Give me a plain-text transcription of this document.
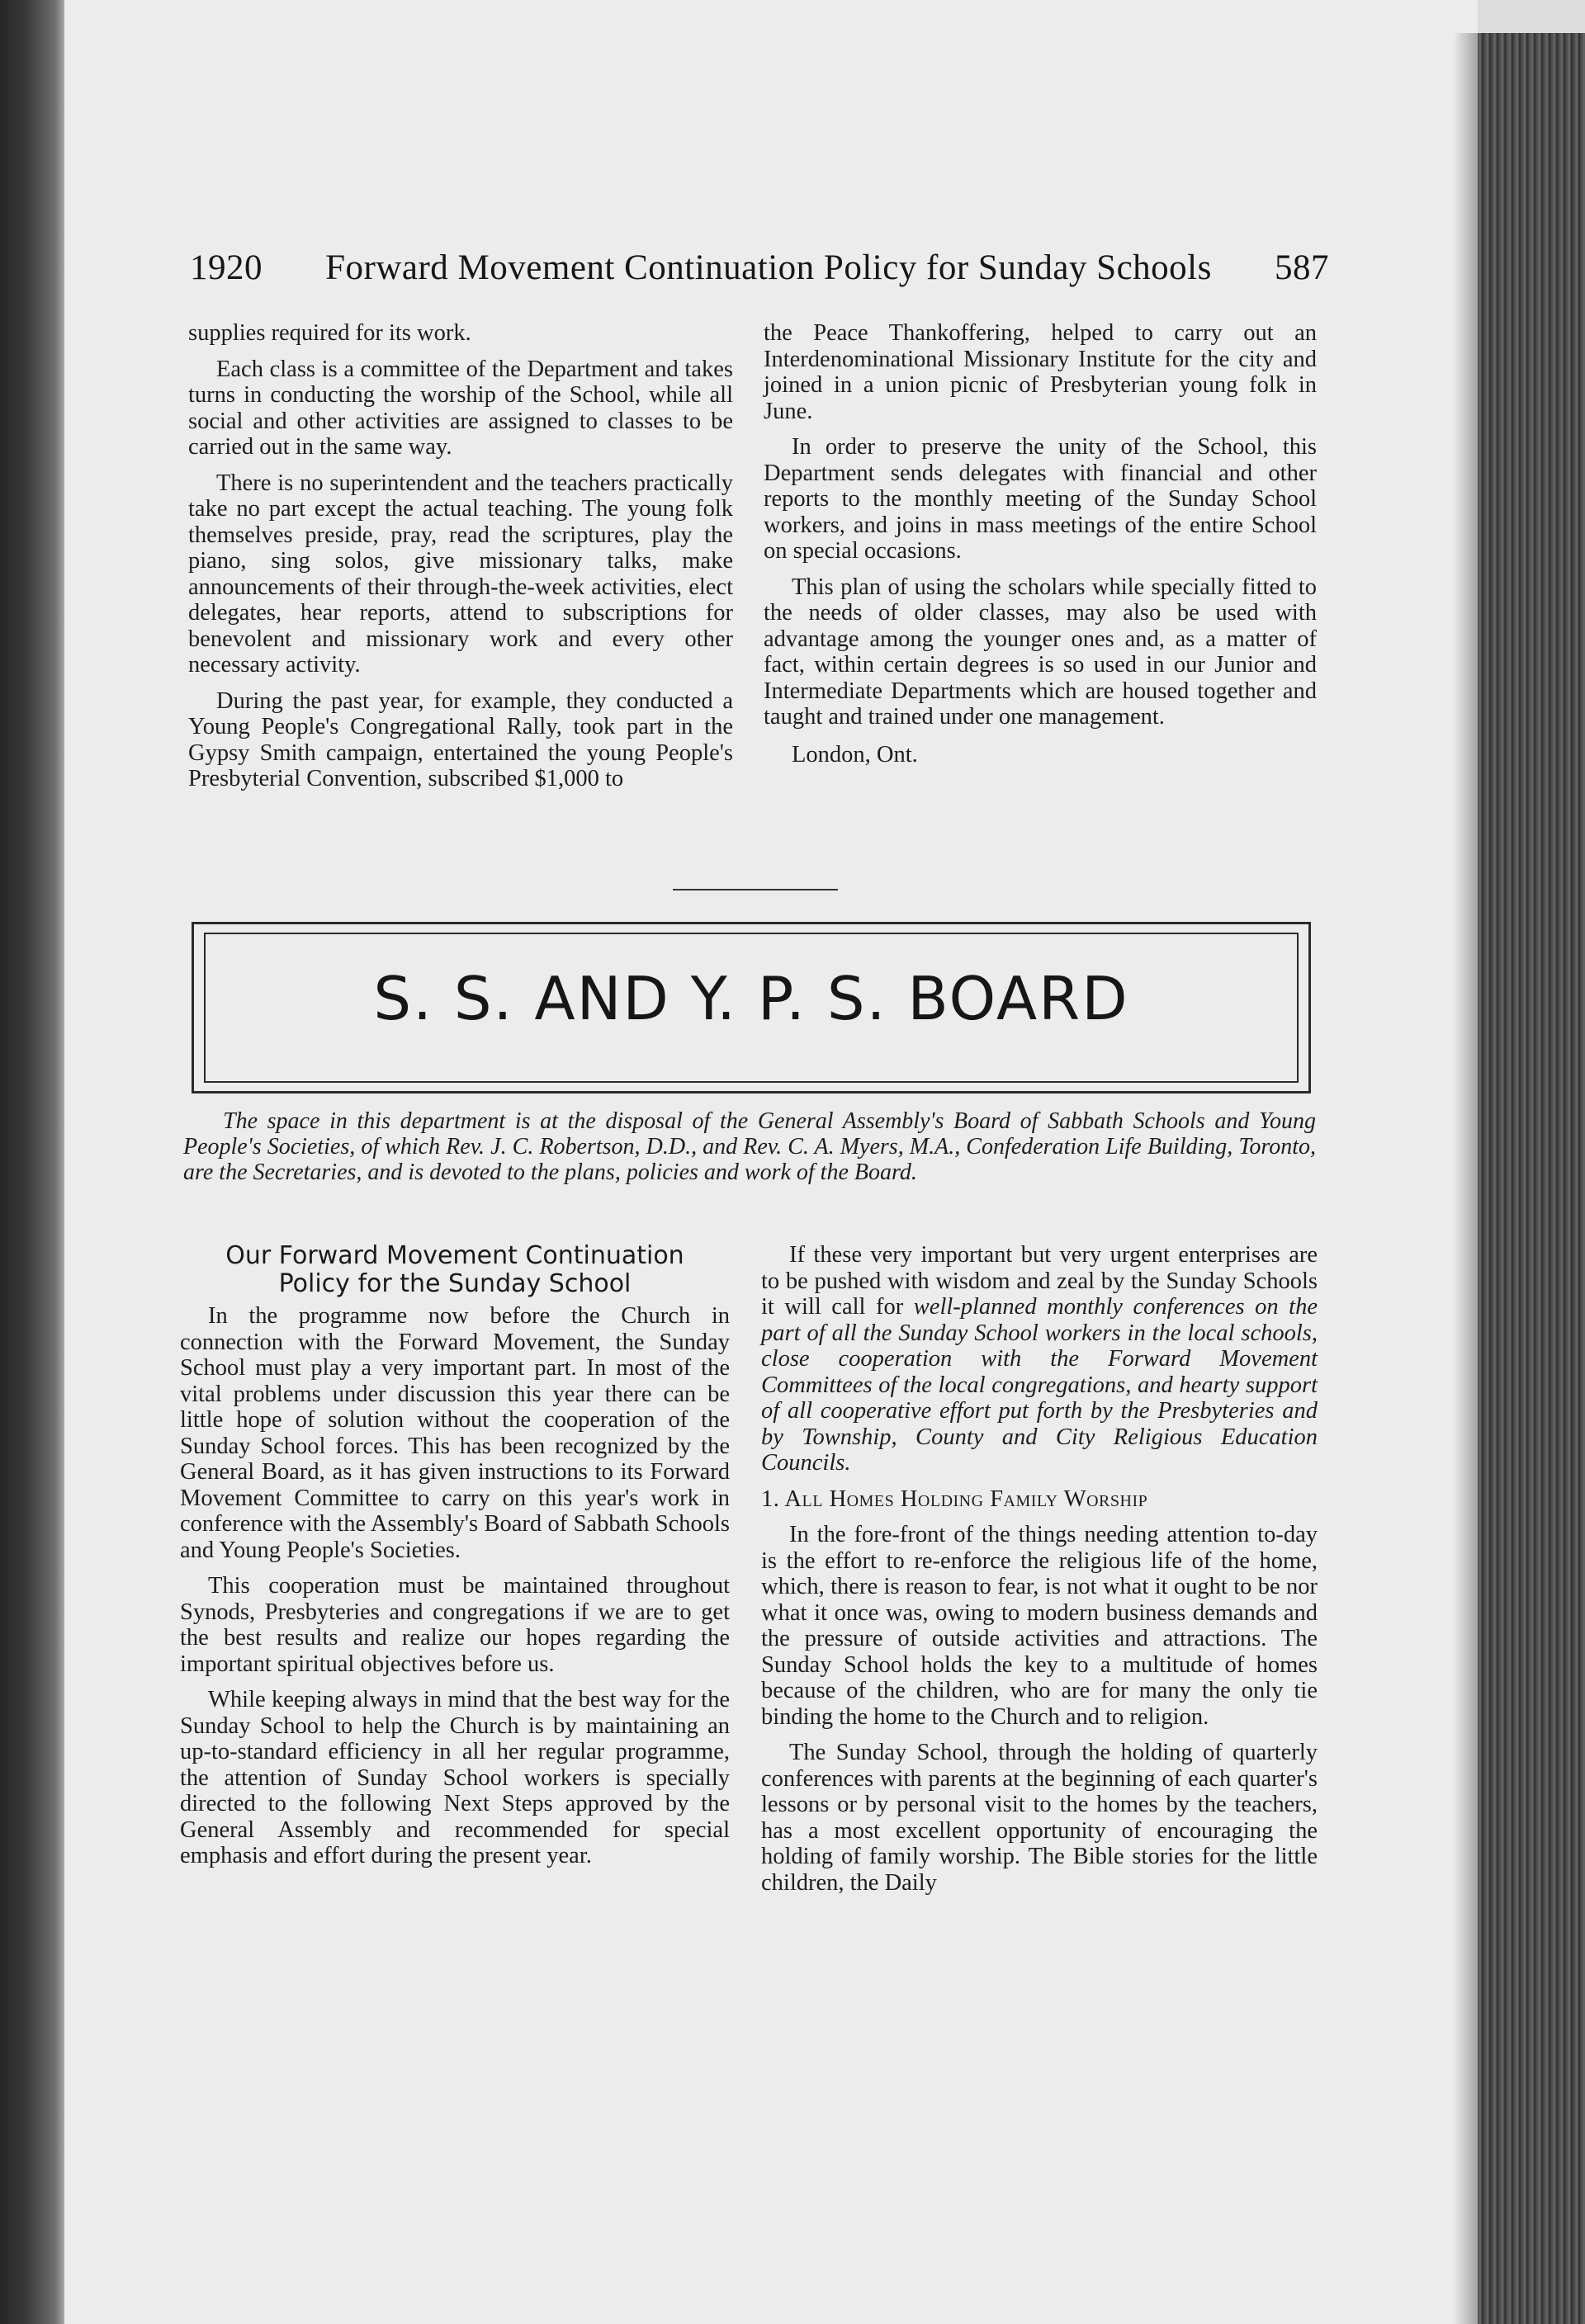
1920	Forward Movement Continuation Policy for Sunday Schools	587

supplies required for its work.

Each class is a committee of the Department and takes turns in conducting the worship of the School, while all social and other activities are assigned to classes to be carried out in the same way.

There is no superintendent and the teachers practically take no part except the actual teaching. The young folk themselves preside, pray, read the scriptures, play the piano, sing solos, give missionary talks, make announcements of their through-the-week activities, elect delegates, hear reports, attend to subscriptions for benevolent and missionary work and every other necessary activity.

During the past year, for example, they conducted a Young People's Congregational Rally, took part in the Gypsy Smith campaign, entertained the young People's Presbyterial Convention, subscribed $1,000 to

the Peace Thankoffering, helped to carry out an Interdenominational Missionary Institute for the city and joined in a union picnic of Presbyterian young folk in June.

In order to preserve the unity of the School, this Department sends delegates with financial and other reports to the monthly meeting of the Sunday School workers, and joins in mass meetings of the entire School on special occasions.

This plan of using the scholars while specially fitted to the needs of older classes, may also be used with advantage among the younger ones and, as a matter of fact, within certain degrees is so used in our Junior and Intermediate Departments which are housed together and taught and trained under one management.

London, Ont.

S. S. AND Y. P. S. BOARD
The space in this department is at the disposal of the General Assembly's Board of Sabbath Schools and Young People's Societies, of which Rev. J. C. Robertson, D.D., and Rev. C. A. Myers, M.A., Confederation Life Building, Toronto, are the Secretaries, and is devoted to the plans, policies and work of the Board.
Our Forward Movement Continuation
Policy for the Sunday School

In the programme now before the Church in connection with the Forward Movement, the Sunday School must play a very important part. In most of the vital problems under discussion this year there can be little hope of solution without the cooperation of the Sunday School forces. This has been recognized by the General Board, as it has given instructions to its Forward Movement Committee to carry on this year's work in conference with the Assembly's Board of Sabbath Schools and Young People's Societies.

This cooperation must be maintained throughout Synods, Presbyteries and congregations if we are to get the best results and realize our hopes regarding the important spiritual objectives before us.

While keeping always in mind that the best way for the Sunday School to help the Church is by maintaining an up-to-standard efficiency in all her regular programme, the attention of Sunday School workers is specially directed to the following Next Steps approved by the General Assembly and recommended for special emphasis and effort during the present year.

If these very important but very urgent enterprises are to be pushed with wisdom and zeal by the Sunday Schools it will call for well-planned monthly conferences on the part of all the Sunday School workers in the local schools, close cooperation with the Forward Movement Committees of the local congregations, and hearty support of all cooperative effort put forth by the Presbyteries and by Township, County and City Religious Education Councils.

1. All Homes Holding Family Worship

In the fore-front of the things needing attention to-day is the effort to re-enforce the religious life of the home, which, there is reason to fear, is not what it ought to be nor what it once was, owing to modern business demands and the pressure of outside activities and attractions. The Sunday School holds the key to a multitude of homes because of the children, who are for many the only tie binding the home to the Church and to religion.

The Sunday School, through the holding of quarterly conferences with parents at the beginning of each quarter's lessons or by personal visit to the homes by the teachers, has a most excellent opportunity of encouraging the holding of family worship. The Bible stories for the little children, the Daily
